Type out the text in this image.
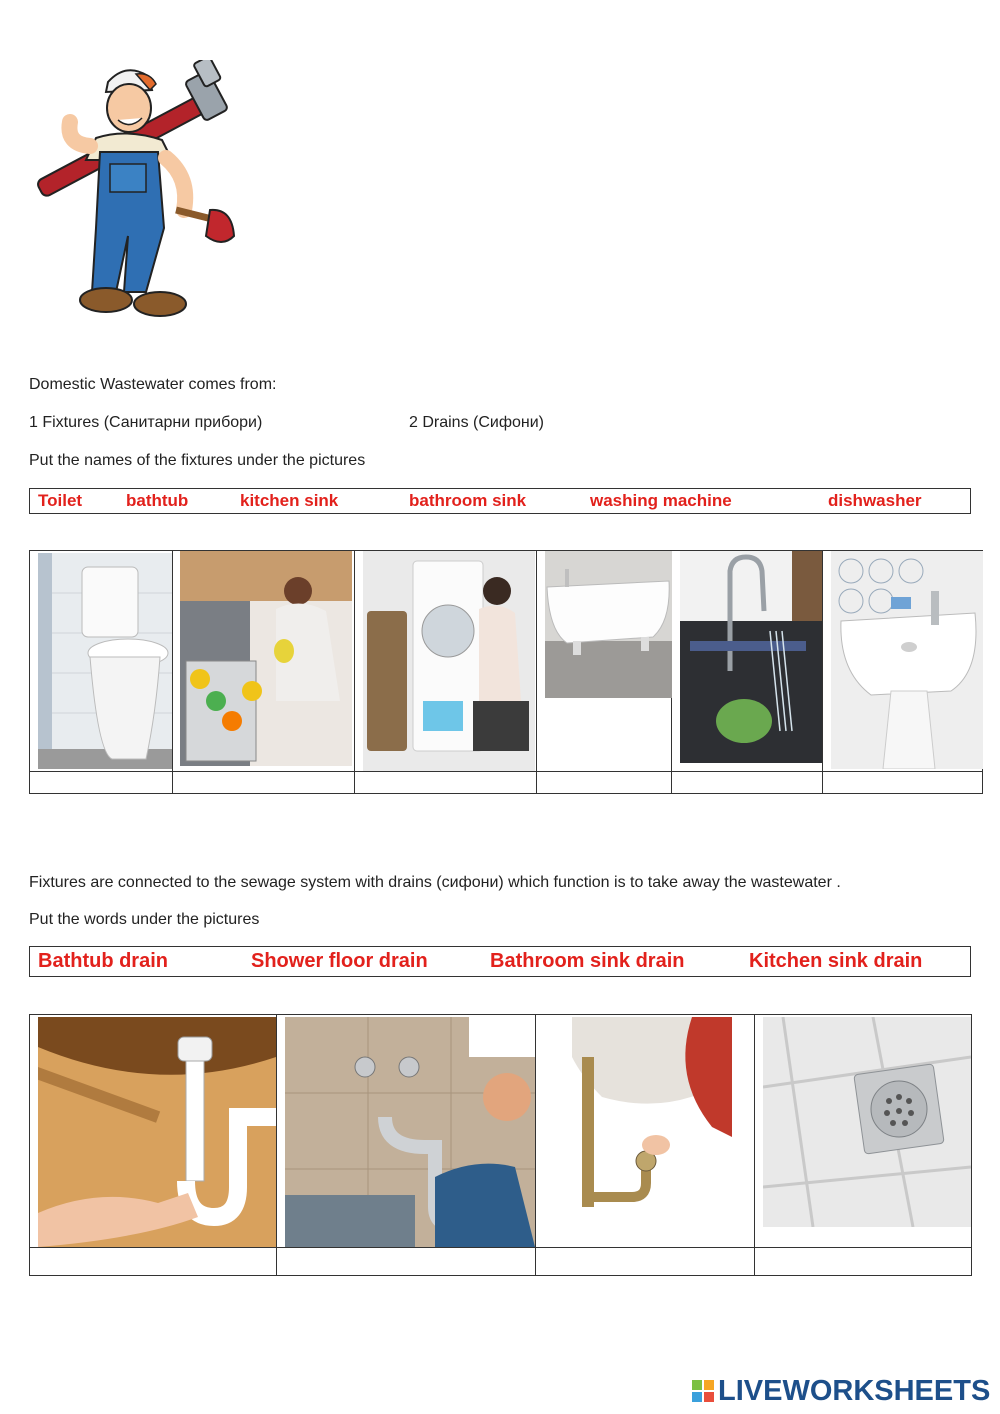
Domestic Wastewater comes from:
1 Fixtures (Санитарни прибори)	2 Drains (Сифони)
Put the names of the fixtures under the pictures
Toilet	bathtub	kitchen sink	bathroom sink	washing machine	dishwasher

Fixtures are connected to the sewage system with drains (сифони) which function is to take away the wastewater .
Put the words under the pictures
Bathtub drain	Shower floor drain	Bathroom sink drain	Kitchen sink drain

LIVEWORKSHEETS
